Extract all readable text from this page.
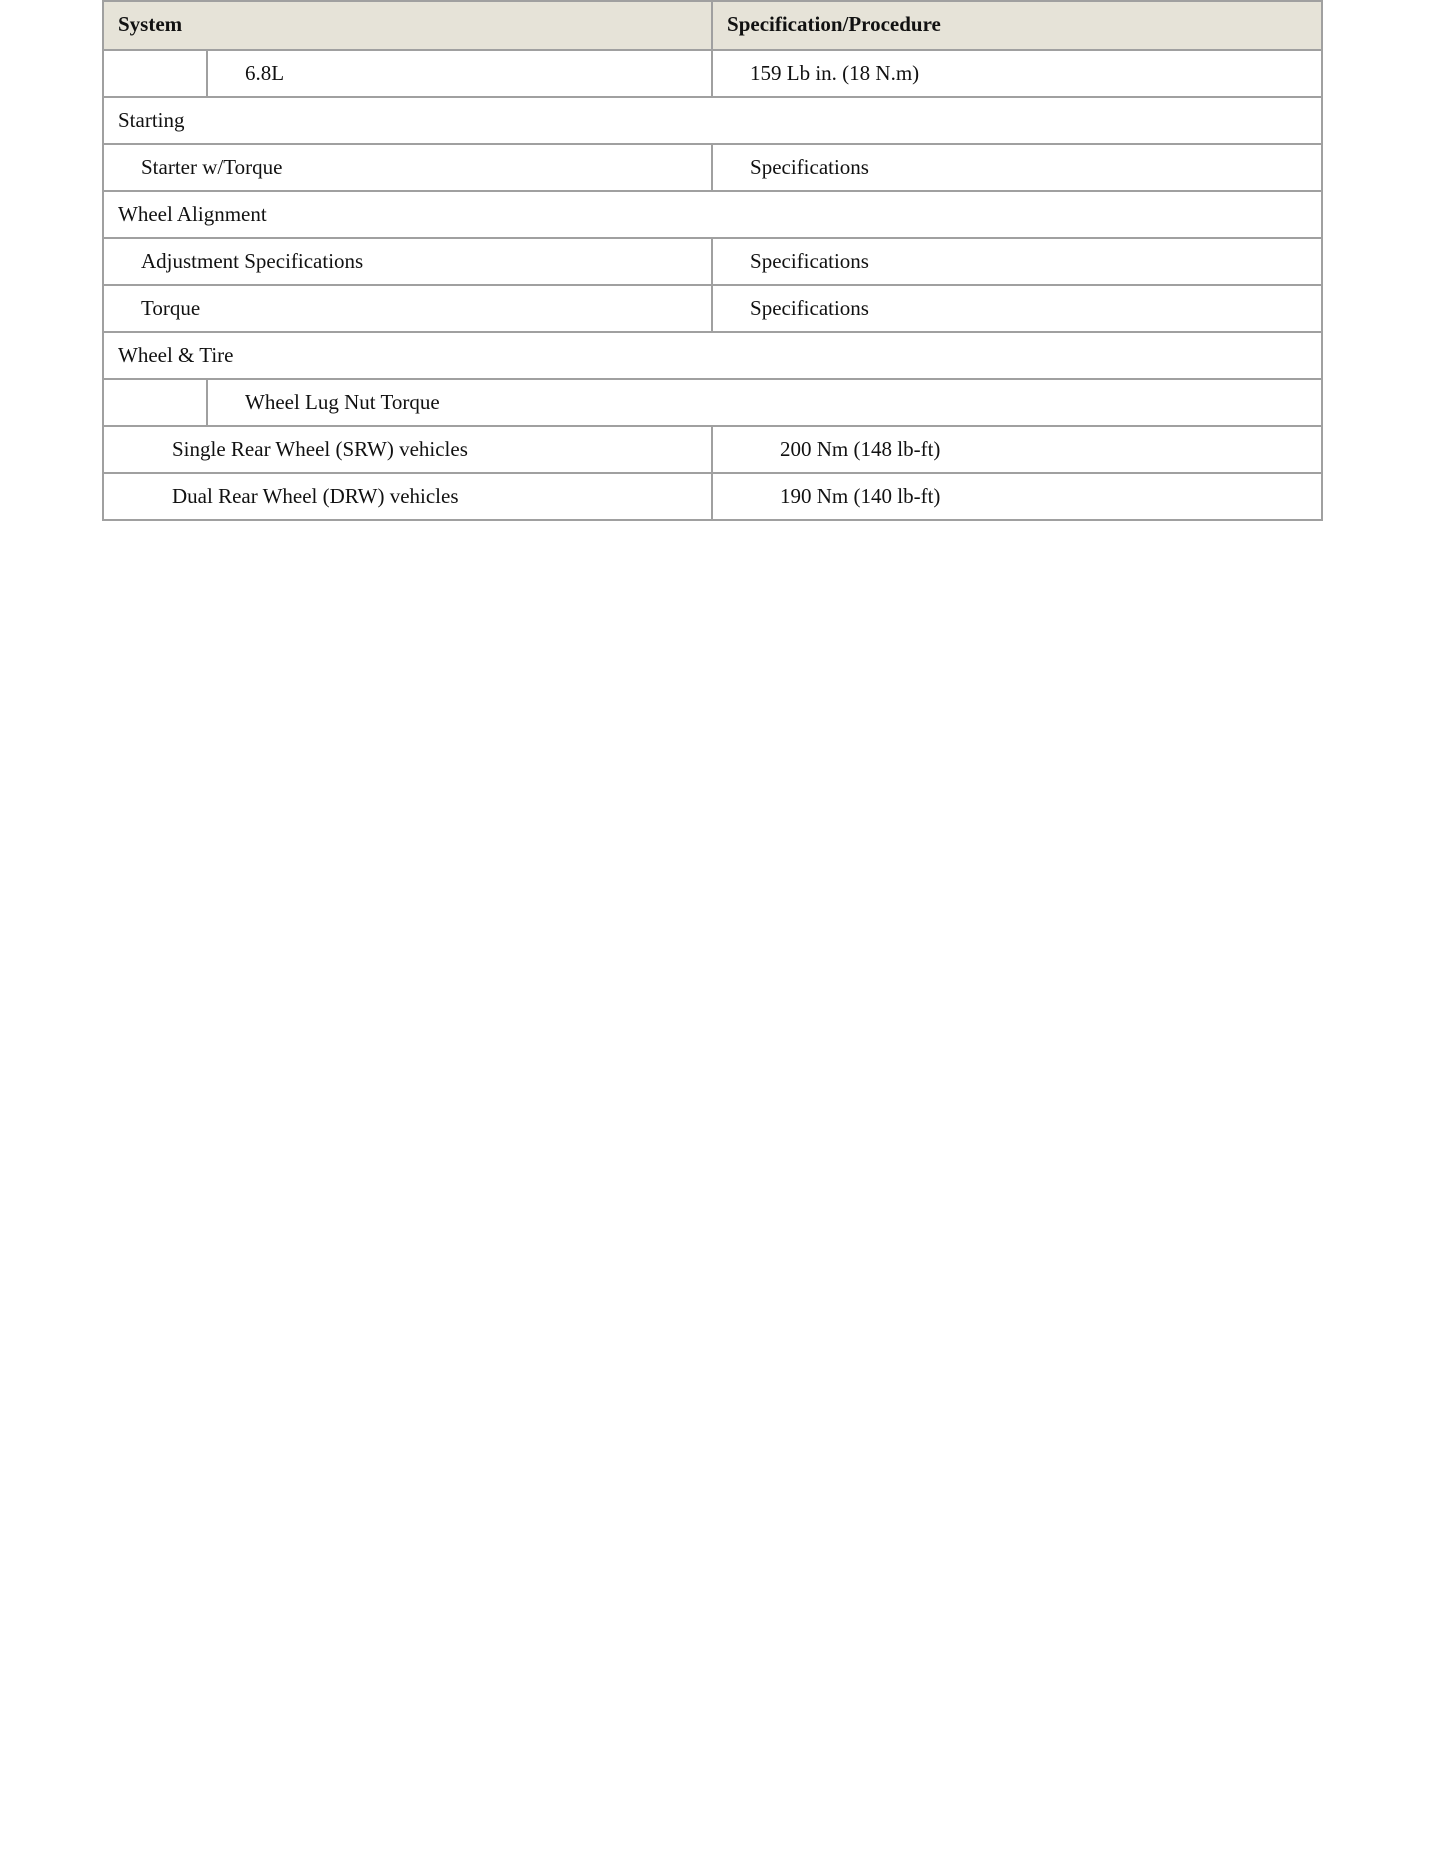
System		Specification/Procedure
	6.8L	159 Lb in. (18 N.m)
Starting		
Starter w/Torque		Specifications
Wheel Alignment		
Adjustment Specifications		Specifications
Torque		Specifications
Wheel & Tire		
	Wheel Lug Nut Torque	
Single Rear Wheel (SRW) vehicles		200 Nm (148 lb-ft)
Dual Rear Wheel (DRW) vehicles		190 Nm (140 lb-ft)
